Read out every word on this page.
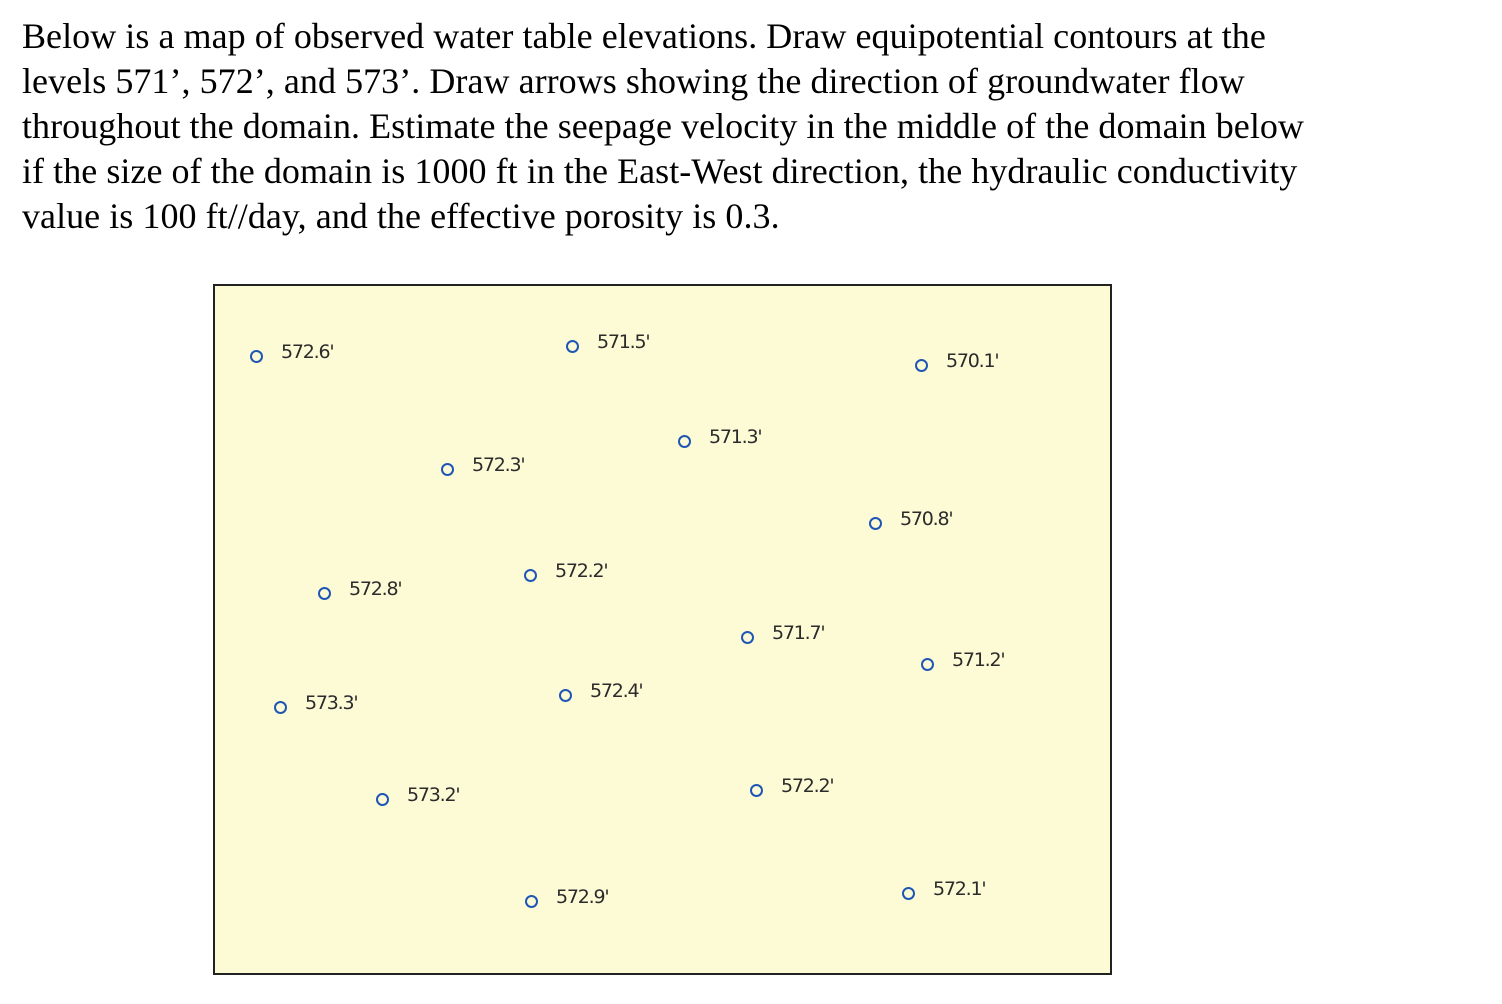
Below is a map of observed water table elevations. Draw equipotential contours at the
levels 571’, 572’, and 573’. Draw arrows showing the direction of groundwater flow
throughout the domain. Estimate the seepage velocity in the middle of the domain below
if the size of the domain is 1000 ft in the East-West direction, the hydraulic conductivity
value is 100 ft//day, and the effective porosity is 0.3.
572.6'	571.5'
570.1'
571.3'
572.3'
570.8'
572.2'
572.8'
571.7'
571.2'
572.4'
573.3'
572.2'
573.2'
572.9'	572.1'
